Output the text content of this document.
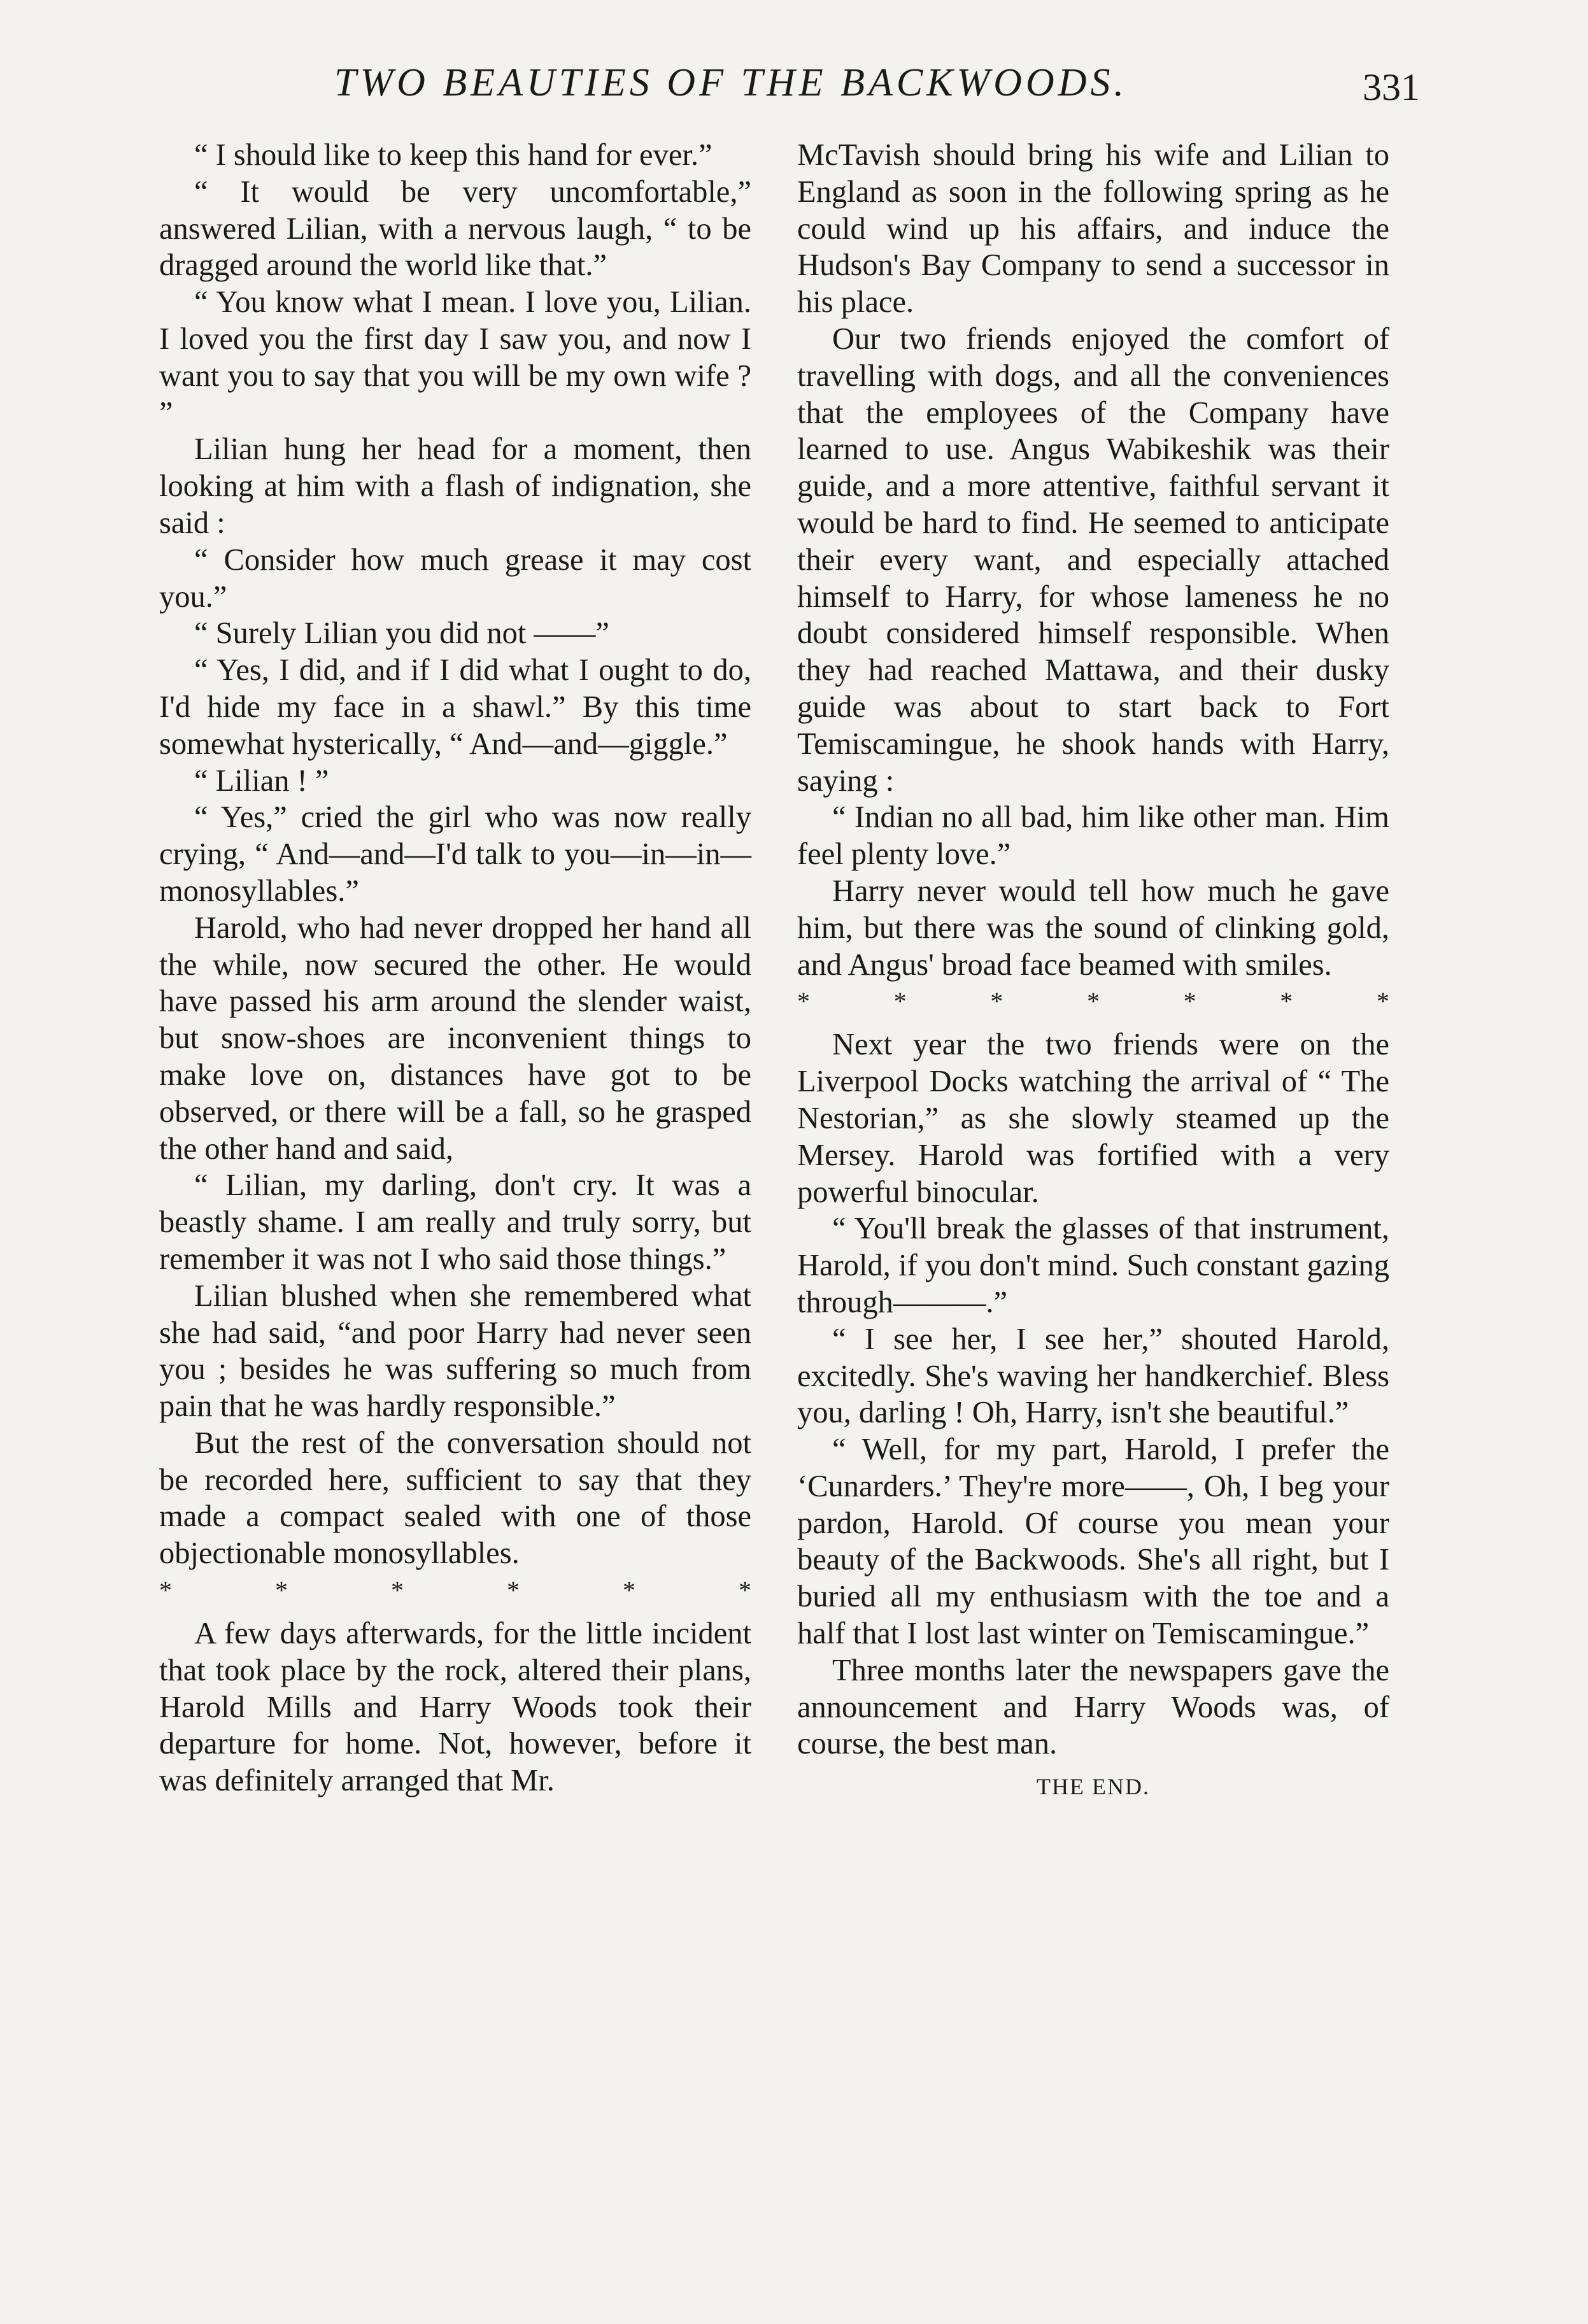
TWO BEAUTIES OF THE BACKWOODS.	331

“ I should like to keep this hand for ever.”

“ It would be very uncomfortable,” answered Lilian, with a nervous laugh, “ to be dragged around the world like that.”

“ You know what I mean. I love you, Lilian. I loved you the first day I saw you, and now I want you to say that you will be my own wife ? ”

Lilian hung her head for a moment, then looking at him with a flash of indignation, she said :

“ Consider how much grease it may cost you.”

“ Surely Lilian you did not ——”

“ Yes, I did, and if I did what I ought to do, I'd hide my face in a shawl.” By this time somewhat hysterically, “ And—and—giggle.”

“ Lilian ! ”

“ Yes,” cried the girl who was now really crying, “ And—and—I'd talk to you—in—in—monosyllables.”

Harold, who had never dropped her hand all the while, now secured the other. He would have passed his arm around the slender waist, but snow-shoes are inconvenient things to make love on, distances have got to be observed, or there will be a fall, so he grasped the other hand and said,

“ Lilian, my darling, don't cry. It was a beastly shame. I am really and truly sorry, but remember it was not I who said those things.”

Lilian blushed when she remembered what she had said, “and poor Harry had never seen you ; besides he was suffering so much from pain that he was hardly responsible.”

But the rest of the conversation should not be recorded here, sufficient to say that they made a compact sealed with one of those objectionable monosyllables.

*	*	*	*	*	*

A few days afterwards, for the little incident that took place by the rock, altered their plans, Harold Mills and Harry Woods took their departure for home. Not, however, before it was definitely arranged that Mr.

McTavish should bring his wife and Lilian to England as soon in the following spring as he could wind up his affairs, and induce the Hudson's Bay Company to send a successor in his place.

Our two friends enjoyed the comfort of travelling with dogs, and all the conveniences that the employees of the Company have learned to use. Angus Wabikeshik was their guide, and a more attentive, faithful servant it would be hard to find. He seemed to anticipate their every want, and especially attached himself to Harry, for whose lameness he no doubt considered himself responsible. When they had reached Mattawa, and their dusky guide was about to start back to Fort Temiscamingue, he shook hands with Harry, saying :

“ Indian no all bad, him like other man. Him feel plenty love.”

Harry never would tell how much he gave him, but there was the sound of clinking gold, and Angus' broad face beamed with smiles.

*	*	*	*	*	*	*

Next year the two friends were on the Liverpool Docks watching the arrival of “ The Nestorian,” as she slowly steamed up the Mersey. Harold was fortified with a very powerful binocular.

“ You'll break the glasses of that instrument, Harold, if you don't mind. Such constant gazing through———.”

“ I see her, I see her,” shouted Harold, excitedly. She's waving her handkerchief. Bless you, darling ! Oh, Harry, isn't she beautiful.”

“ Well, for my part, Harold, I prefer the ‘Cunarders.’ They're more——, Oh, I beg your pardon, Harold. Of course you mean your beauty of the Backwoods. She's all right, but I buried all my enthusiasm with the toe and a half that I lost last winter on Temiscamingue.”

Three months later the newspapers gave the announcement and Harry Woods was, of course, the best man.

THE END.
